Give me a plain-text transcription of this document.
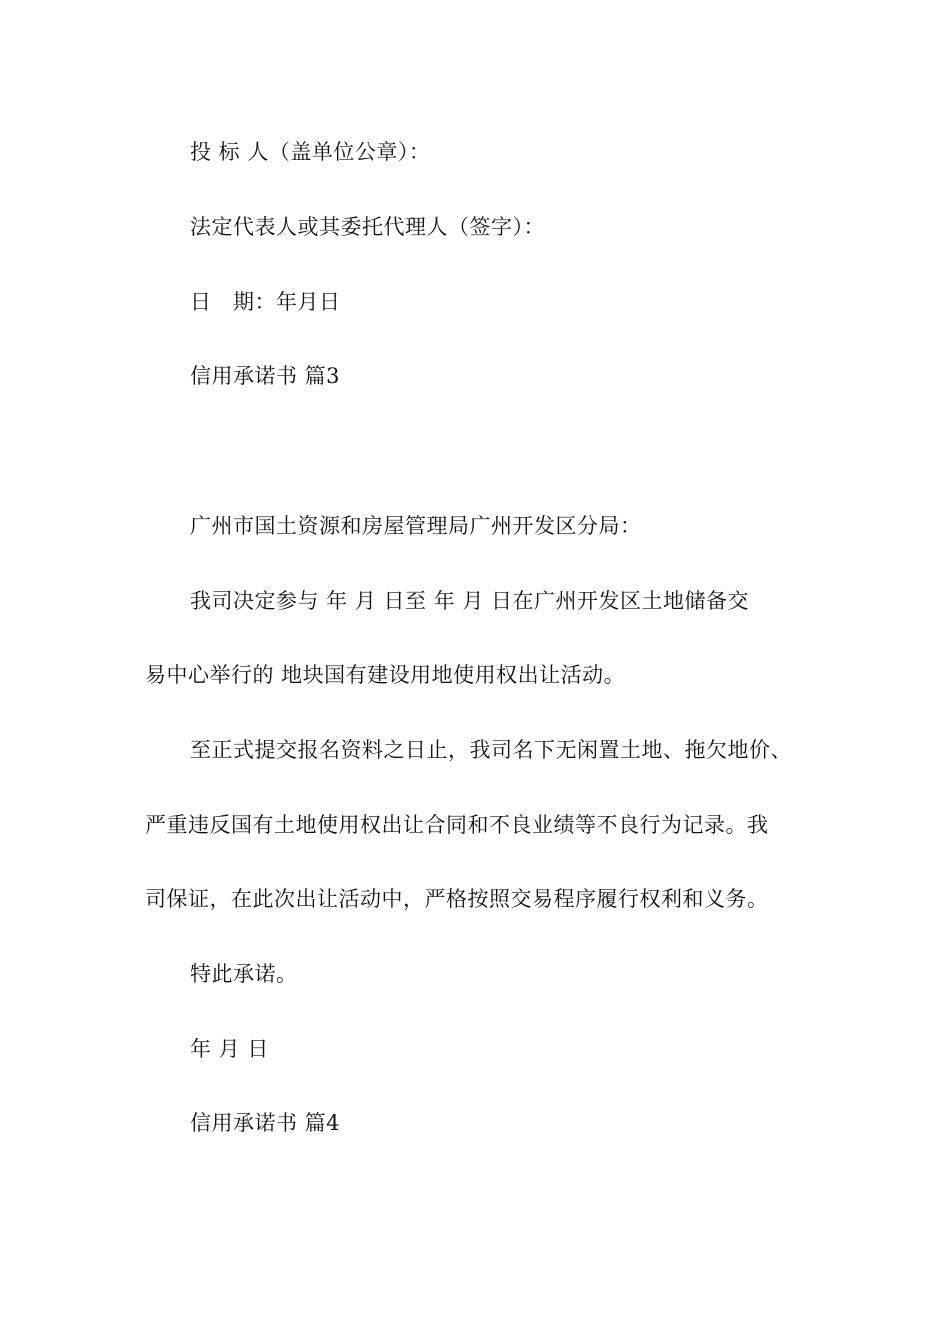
投 标 人（盖单位公章）：
法定代表人或其委托代理人（签字）：
日　期：年月日
信用承诺书 篇3
广州市国土资源和房屋管理局广州开发区分局：
我司决定参与 年 月 日至 年 月 日在广州开发区土地储备交
易中心举行的 地块国有建设用地使用权出让活动。
至正式提交报名资料之日止，我司名下无闲置土地、拖欠地价、
严重违反国有土地使用权出让合同和不良业绩等不良行为记录。我
司保证，在此次出让活动中，严格按照交易程序履行权利和义务。
特此承诺。
年 月 日
信用承诺书 篇4
